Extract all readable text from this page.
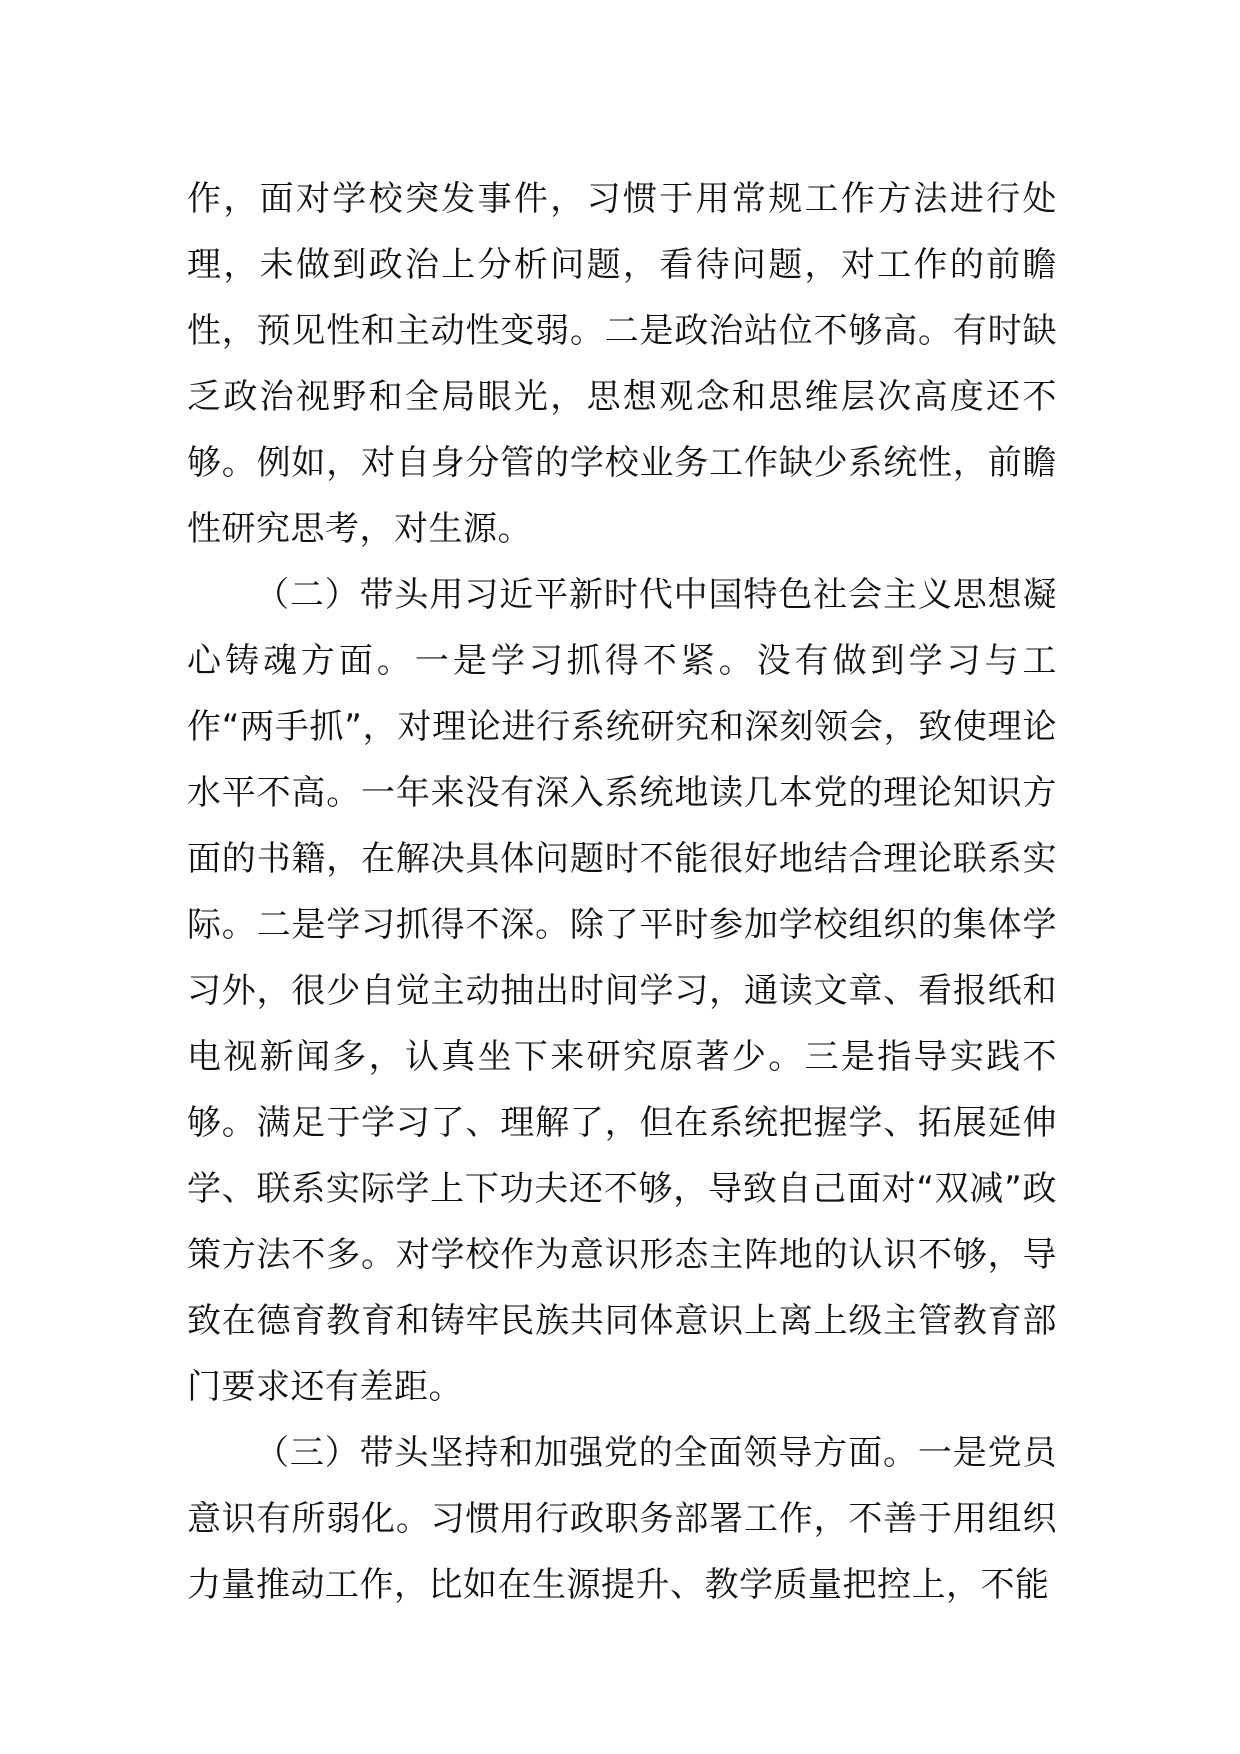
作，面对学校突发事件，习惯于用常规工作方法进行处理，未做到政治上分析问题，看待问题，对工作的前瞻性，预见性和主动性变弱。二是政治站位不够高。有时缺乏政治视野和全局眼光，思想观念和思维层次高度还不够。例如，对自身分管的学校业务工作缺少系统性，前瞻性研究思考，对生源。

（二）带头用习近平新时代中国特色社会主义思想凝心铸魂方面。一是学习抓得不紧。没有做到学习与工作“两手抓”，对理论进行系统研究和深刻领会，致使理论水平不高。一年来没有深入系统地读几本党的理论知识方面的书籍，在解决具体问题时不能很好地结合理论联系实际。二是学习抓得不深。除了平时参加学校组织的集体学习外，很少自觉主动抽出时间学习，通读文章、看报纸和电视新闻多，认真坐下来研究原著少。三是指导实践不够。满足于学习了、理解了，但在系统把握学、拓展延伸学、联系实际学上下功夫还不够，导致自己面对“双减”政策方法不多。对学校作为意识形态主阵地的认识不够，导致在德育教育和铸牢民族共同体意识上离上级主管教育部门要求还有差距。

（三）带头坚持和加强党的全面领导方面。一是党员意识有所弱化。习惯用行政职务部署工作，不善于用组织力量推动工作，比如在生源提升、教学质量把控上，不能
